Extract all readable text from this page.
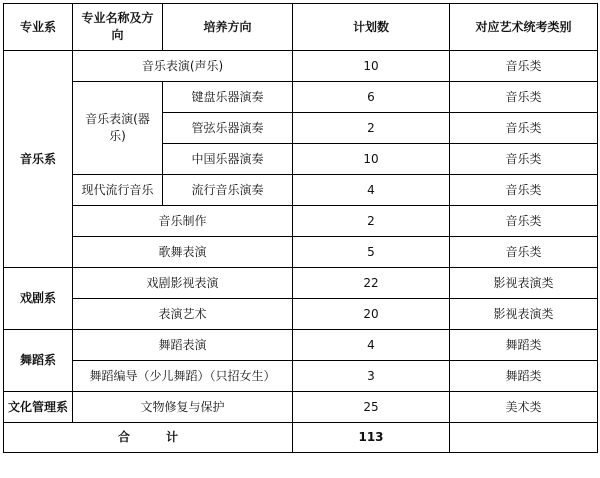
专业系	专业名称及方向	培养方向	计划数	对应艺术统考类别
音乐系	音乐表演(声乐)		10	音乐类
	音乐表演(器乐)	键盘乐器演奏	6	音乐类
		管弦乐器演奏	2	音乐类
		中国乐器演奏	10	音乐类
	现代流行音乐	流行音乐演奏	4	音乐类
	音乐制作		2	音乐类
	歌舞表演		5	音乐类
戏剧系	戏剧影视表演		22	影视表演类
	表演艺术		20	影视表演类
舞蹈系	舞蹈表演		4	舞蹈类
	舞蹈编导（少儿舞蹈）（只招女生）		3	舞蹈类
文化管理系	文物修复与保护		25	美术类
合　　　计			113	
